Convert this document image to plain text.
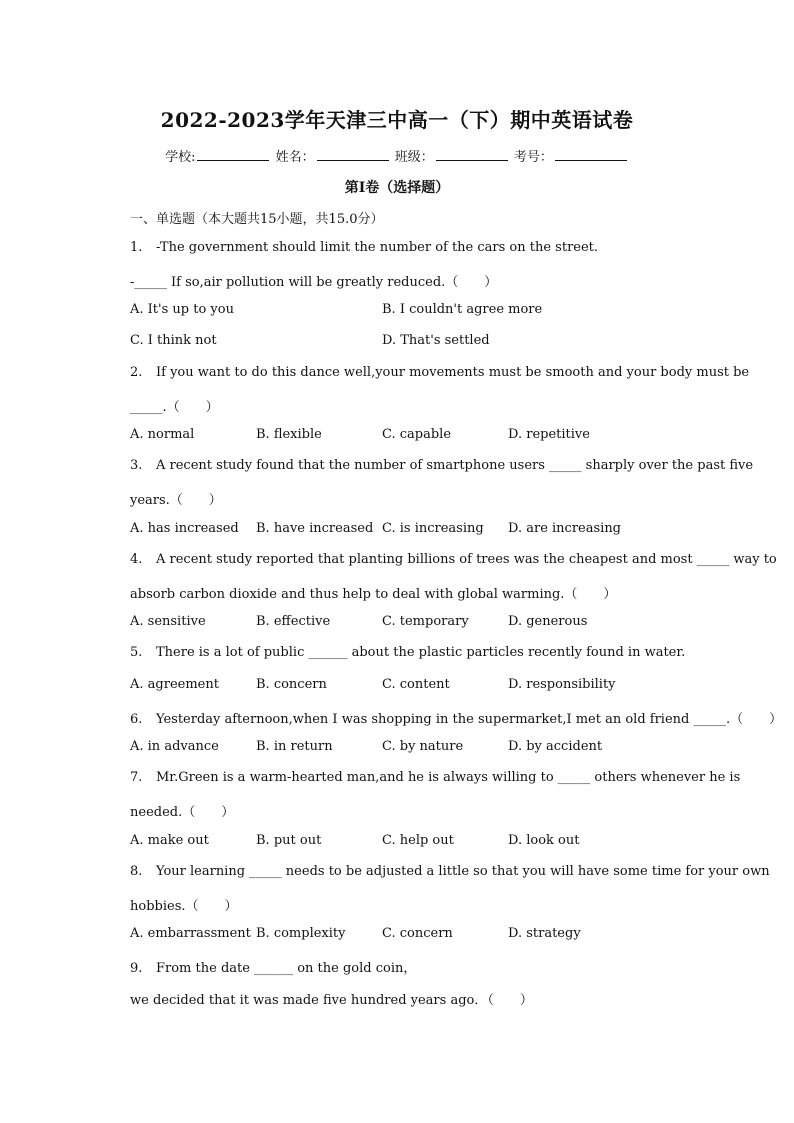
2022-2023学年天津三中高一（下）期中英语试卷
学校:	姓名：	班级：	考号：
第I卷（选择题）
一、单选题（本大题共15小题，共15.0分）
1. -The government should limit the number of the cars on the street.
-_____ If so,air pollution will be greatly reduced.（　　）
A. It's up to you	B. I couldn't agree more
C. I think not	D. That's settled
2. If you want to do this dance well,your movements must be smooth and your body must be
_____.（　　）
A. normal	B. flexible	C. capable	D. repetitive
3. A recent study found that the number of smartphone users _____ sharply over the past five
years.（　　）
A. has increased B. have increased C. is increasing D. are increasing
4. A recent study reported that planting billions of trees was the cheapest and most _____ way to
absorb carbon dioxide and thus help to deal with global warming.（　　）
A. sensitive	B. effective	C. temporary	D. generous
5. There is a lot of public ______ about the plastic particles recently found in water.
A. agreement	B. concern	C. content	D. responsibility
6. Yesterday afternoon,when I was shopping in the supermarket,I met an old friend _____.（　　）
A. in advance	B. in return	C. by nature	D. by accident
7. Mr.Green is a warm-hearted man,and he is always willing to _____ others whenever he is
needed.（　　）
A. make out	B. put out	C. help out	D. look out
8. Your learning _____ needs to be adjusted a little so that you will have some time for your own
hobbies.（　　）
A. embarrassment B. complexity	C. concern	D. strategy
9. From the date ______ on the gold coin，
we decided that it was made five hundred years ago．（　　）
